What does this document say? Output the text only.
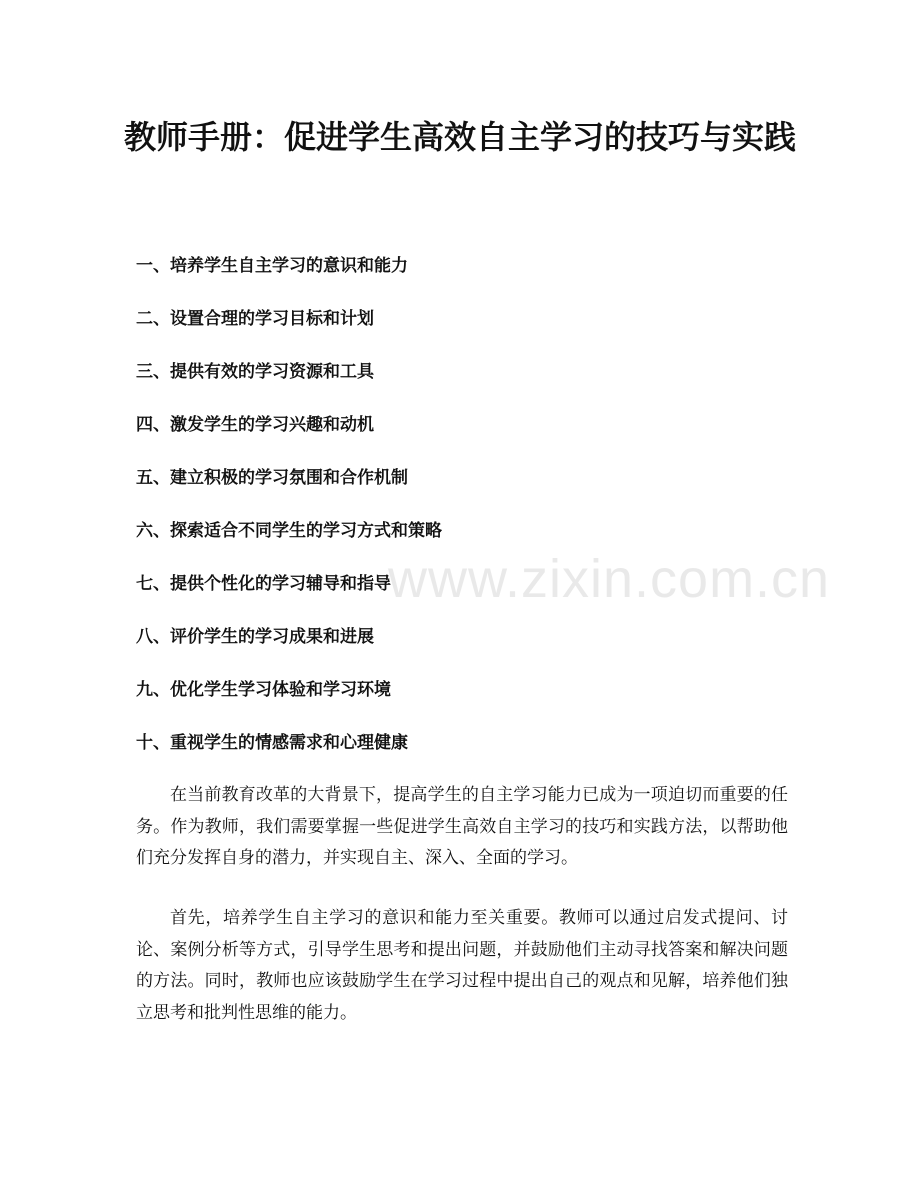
教师手册：促进学生高效自主学习的技巧与实践
一、培养学生自主学习的意识和能力
二、设置合理的学习目标和计划
三、提供有效的学习资源和工具
四、激发学生的学习兴趣和动机
五、建立积极的学习氛围和合作机制
六、探索适合不同学生的学习方式和策略
七、提供个性化的学习辅导和指导
八、评价学生的学习成果和进展
九、优化学生学习体验和学习环境
十、重视学生的情感需求和心理健康

在当前教育改革的大背景下，提高学生的自主学习能力已成为一项迫切而重要的任务。作为教师，我们需要掌握一些促进学生高效自主学习的技巧和实践方法，以帮助他们充分发挥自身的潜力，并实现自主、深入、全面的学习。

首先，培养学生自主学习的意识和能力至关重要。教师可以通过启发式提问、讨论、案例分析等方式，引导学生思考和提出问题，并鼓励他们主动寻找答案和解决问题的方法。同时，教师也应该鼓励学生在学习过程中提出自己的观点和见解，培养他们独立思考和批判性思维的能力。

www.zixin.com.cn
